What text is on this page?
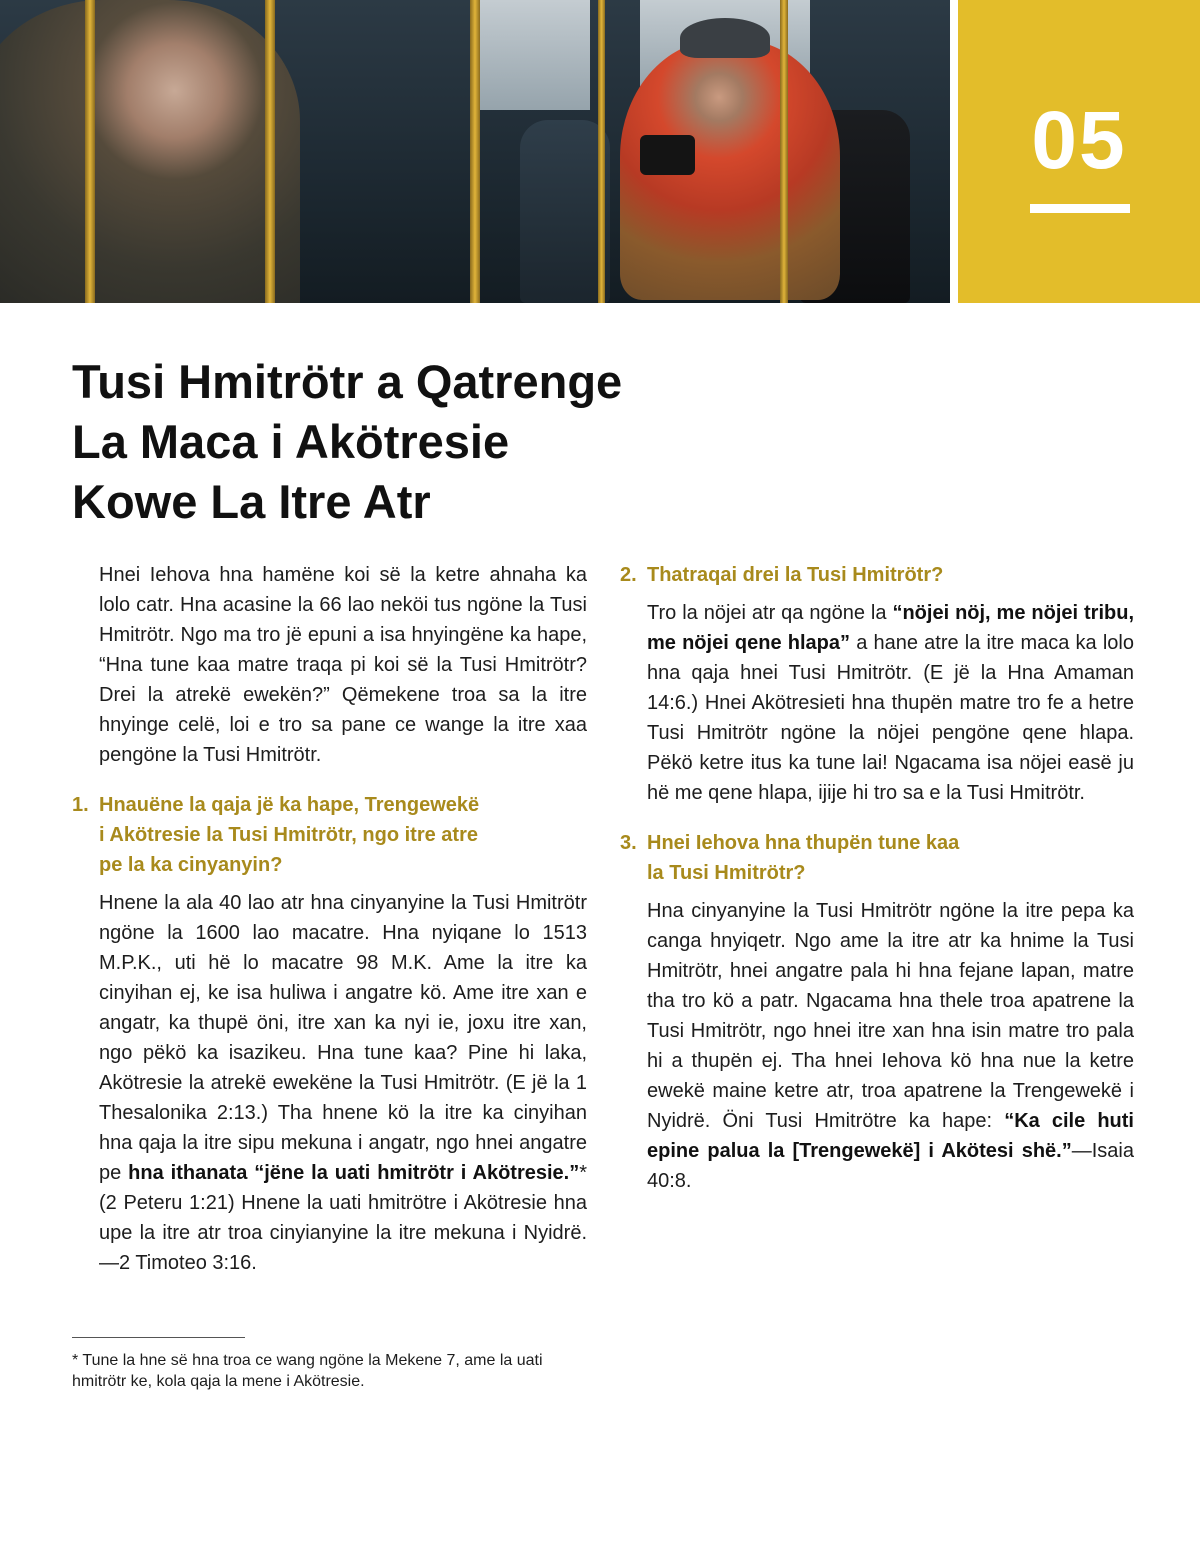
05
Tusi Hmitrötr a Qatrenge
La Maca i Akötresie
Kowe La Itre Atr

Hnei Iehova hna hamëne koi së la ketre ahnaha ka lolo catr. Hna acasine la 66 lao neköi tus ngöne la Tusi Hmitrötr. Ngo ma tro jë epuni a isa hnyingëne ka hape, “Hna tune kaa matre traqa pi koi së la Tusi Hmitrötr? Drei la atrekë ewekën?” Qëmekene troa sa la itre hnyinge celë, loi e tro sa pane ce wange la itre xaa pengöne la Tusi Hmitrötr.

1. Hnauëne la qaja jë ka hape, Trengewekë
i Akötresie la Tusi Hmitrötr, ngo itre atre
pe la ka cinyanyin?

Hnene la ala 40 lao atr hna cinyanyine la Tusi Hmitrötr ngöne la 1600 lao macatre. Hna nyiqane lo 1513 M.P.K., uti hë lo macatre 98 M.K. Ame la itre ka cinyihan ej, ke isa huliwa i angatre kö. Ame itre xan e angatr, ka thupë öni, itre xan ka nyi ie, joxu itre xan, ngo pëkö ka isazikeu. Hna tune kaa? Pine hi laka, Akötresie la atrekë ewekëne la Tusi Hmitrötr. (E jë la 1 Thesalonika 2:13.) Tha hnene kö la itre ka cinyihan hna qaja la itre sipu mekuna i angatr, ngo hnei angatre pe hna ithanata “jëne la uati hmitrötr i Akötresie.”* (2 Peteru 1:21) Hnene la uati hmitrötre i Akötresie hna upe la itre atr troa cinyianyine la itre mekuna i Nyidrë.—2 Timoteo 3:16.

2. Thatraqai drei la Tusi Hmitrötr?

Tro la nöjei atr qa ngöne la “nöjei nöj, me nöjei tribu, me nöjei qene hlapa” a hane atre la itre maca ka lolo hna qaja hnei Tusi Hmitrötr. (E jë la Hna Amaman 14:6.) Hnei Akötresieti hna thupën matre tro fe a hetre Tusi Hmitrötr ngöne la nöjei pengöne qene hlapa. Pëkö ketre itus ka tune lai! Ngacama isa nöjei easë ju hë me qene hlapa, ijije hi tro sa e la Tusi Hmitrötr.

3. Hnei Iehova hna thupën tune kaa
la Tusi Hmitrötr?

Hna cinyanyine la Tusi Hmitrötr ngöne la itre pepa ka canga hnyiqetr. Ngo ame la itre atr ka hnime la Tusi Hmitrötr, hnei angatre pala hi hna fejane lapan, matre tha tro kö a patr. Ngacama hna thele troa apatrene la Tusi Hmitrötr, ngo hnei itre xan hna isin matre tro pala hi a thupën ej. Tha hnei Iehova kö hna nue la ketre ewekë maine ketre atr, troa apatrene la Trengewekë i Nyidrë. Öni Tusi Hmitrötre ka hape: “Ka cile huti epine palua la [Trengewekë] i Akötesi shë.”—Isaia 40:8.

* Tune la hne së hna troa ce wang ngöne la Mekene 7, ame la uati hmitrötr ke, kola qaja la mene i Akötresie.
